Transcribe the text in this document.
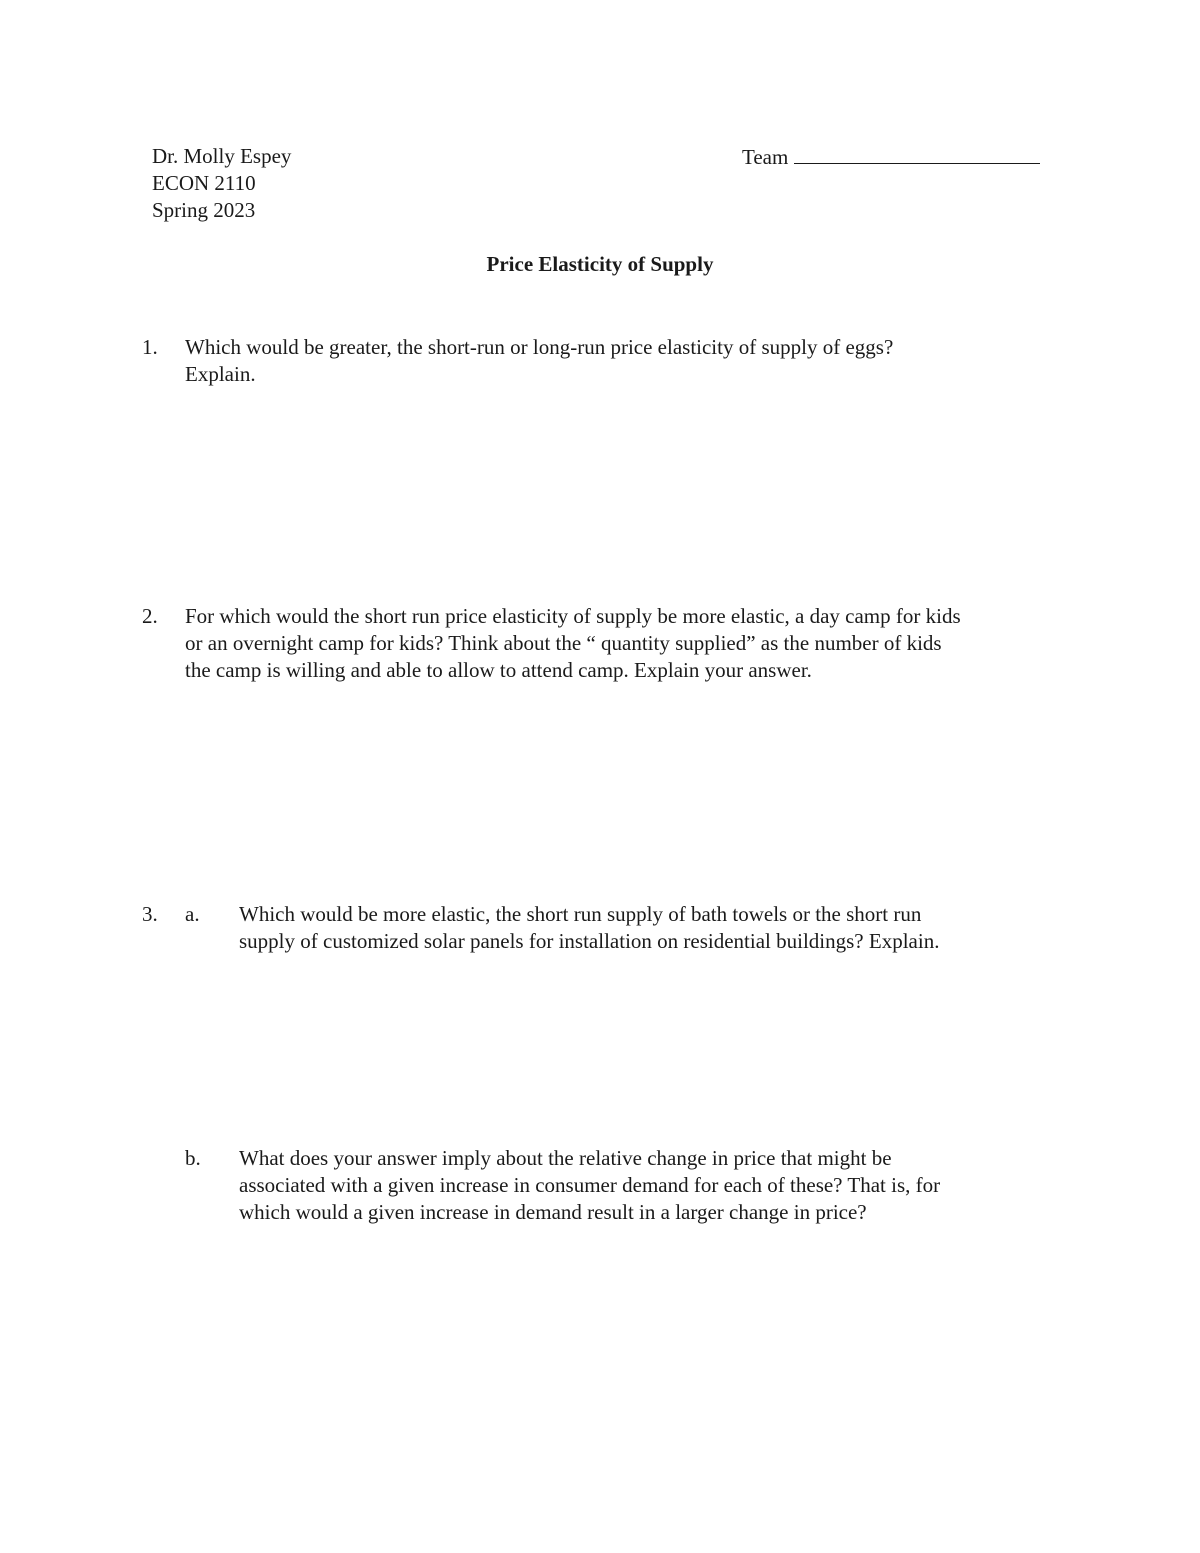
Dr. Molly Espey
ECON 2110
Spring 2023
Team
Price Elasticity of Supply
1. Which would be greater, the short-run or long-run price elasticity of supply of eggs?
Explain.
2. For which would the short run price elasticity of supply be more elastic, a day camp for kids
or an overnight camp for kids? Think about the “ quantity supplied” as the number of kids
the camp is willing and able to allow to attend camp. Explain your answer.
3. a. Which would be more elastic, the short run supply of bath towels or the short run
supply of customized solar panels for installation on residential buildings? Explain.
b. What does your answer imply about the relative change in price that might be
associated with a given increase in consumer demand for each of these? That is, for
which would a given increase in demand result in a larger change in price?
